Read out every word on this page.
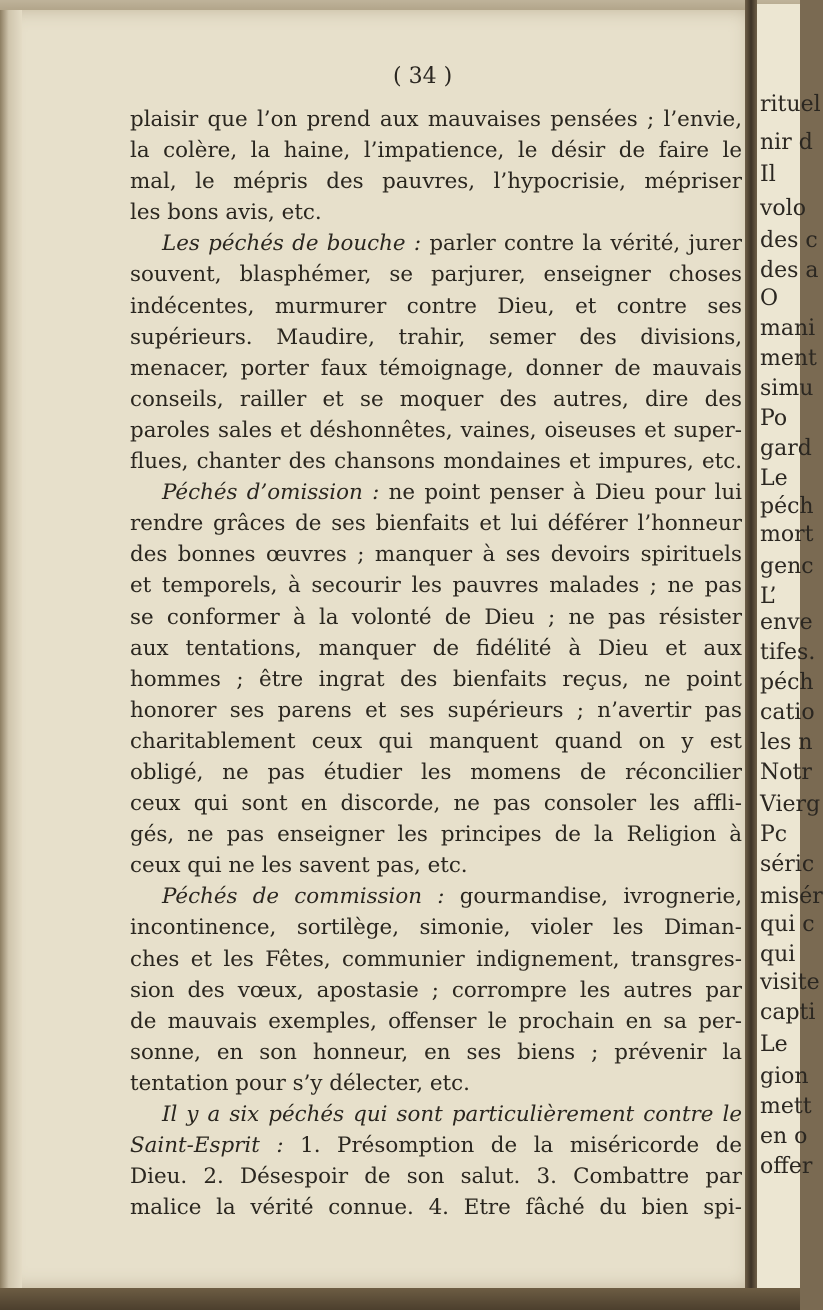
rituel
nir d
Il
volo
des c
des a
O
mani
ment
simu
Po
gard
Le
péch
mort
genc
L’
enve
tifes.
péch
catio
les n
Notr
Vierg
Pc
séric
misér
qui c
qui
visite
capti
Le
gion
mett
en o
offer
( 34 )
plaisir que l’on prend aux mauvaises pensées ; l’envie,
la colère, la haine, l’impatience, le désir de faire le
mal, le mépris des pauvres, l’hypocrisie, mépriser
les bons avis, etc.
Les péchés de bouche : parler contre la vérité, jurer
souvent, blasphémer, se parjurer, enseigner choses
indécentes, murmurer contre Dieu, et contre ses
supérieurs. Maudire, trahir, semer des divisions,
menacer, porter faux témoignage, donner de mauvais
conseils, railler et se moquer des autres, dire des
paroles sales et déshonnêtes, vaines, oiseuses et super-
flues, chanter des chansons mondaines et impures, etc.
Péchés d’omission : ne point penser à Dieu pour lui
rendre grâces de ses bienfaits et lui déférer l’honneur
des bonnes œuvres ; manquer à ses devoirs spirituels
et temporels, à secourir les pauvres malades ; ne pas
se conformer à la volonté de Dieu ; ne pas résister
aux tentations, manquer de fidélité à Dieu et aux
hommes ; être ingrat des bienfaits reçus, ne point
honorer ses parens et ses supérieurs ; n’avertir pas
charitablement ceux qui manquent quand on y est
obligé, ne pas étudier les momens de réconcilier
ceux qui sont en discorde, ne pas consoler les affli-
gés, ne pas enseigner les principes de la Religion à
ceux qui ne les savent pas, etc.
Péchés de commission : gourmandise, ivrognerie,
incontinence, sortilège, simonie, violer les Diman-
ches et les Fêtes, communier indignement, transgres-
sion des vœux, apostasie ; corrompre les autres par
de mauvais exemples, offenser le prochain en sa per-
sonne, en son honneur, en ses biens ; prévenir la
tentation pour s’y délecter, etc.
Il y a six péchés qui sont particulièrement contre le
Saint-Esprit : 1. Présomption de la miséricorde de
Dieu. 2. Désespoir de son salut. 3. Combattre par
malice la vérité connue. 4. Etre fâché du bien spi-
